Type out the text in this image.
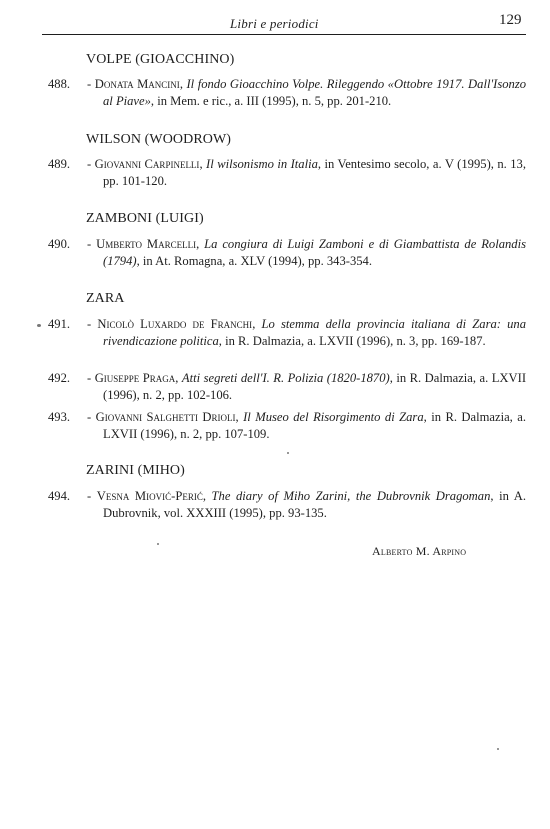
Libri e periodici	129
VOLPE (GIOACCHINO)
488. - Donata Mancini, Il fondo Gioacchino Volpe. Rileggendo «Ottobre 1917. Dall'Isonzo al Piave», in Mem. e ric., a. III (1995), n. 5, pp. 201-210.
WILSON (WOODROW)
489. - Giovanni Carpinelli, Il wilsonismo in Italia, in Ventesimo secolo, a. V (1995), n. 13, pp. 101-120.
ZAMBONI (LUIGI)
490. - Umberto Marcelli, La congiura di Luigi Zamboni e di Giambattista de Rolandis (1794), in At. Romagna, a. XLV (1994), pp. 343-354.
ZARA
491. - Nicolò Luxardo de Franchi, Lo stemma della provincia italiana di Zara: una rivendicazione politica, in R. Dalmazia, a. LXVII (1996), n. 3, pp. 169-187.
492. - Giuseppe Praga, Atti segreti dell'I. R. Polizia (1820-1870), in R. Dalmazia, a. LXVII (1996), n. 2, pp. 102-106.
493. - Giovanni Salghetti Drioli, Il Museo del Risorgimento di Zara, in R. Dalmazia, a. LXVII (1996), n. 2, pp. 107-109.
ZARINI (MIHO)
494. - Vesna Miović-Perić, The diary of Miho Zarini, the Dubrovnik Dragoman, in A. Dubrovnik, vol. XXXIII (1995), pp. 93-135.
Alberto M. Arpino
